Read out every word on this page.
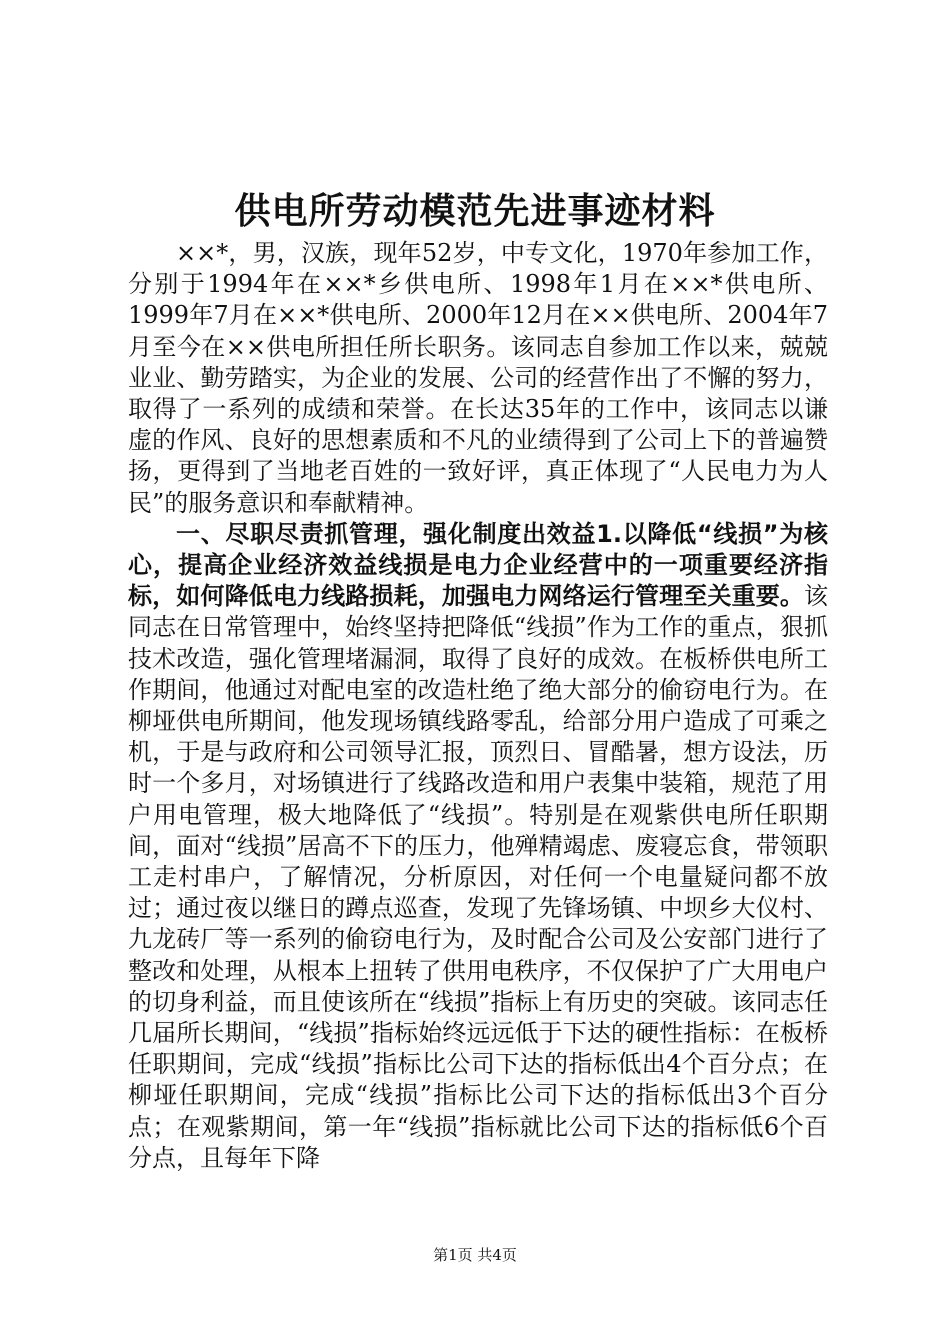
供电所劳动模范先进事迹材料

××*，男，汉族，现年52岁，中专文化，1970年参加工作，分别于1994年在××*乡供电所、1998年1月在××*供电所、1999年7月在××*供电所、2000年12月在××供电所、2004年7月至今在××供电所担任所长职务。该同志自参加工作以来，兢兢业业、勤劳踏实，为企业的发展、公司的经营作出了不懈的努力，取得了一系列的成绩和荣誉。在长达35年的工作中，该同志以谦虚的作风、良好的思想素质和不凡的业绩得到了公司上下的普遍赞扬，更得到了当地老百姓的一致好评，真正体现了“人民电力为人民”的服务意识和奉献精神。

一、尽职尽责抓管理，强化制度出效益1.以降低“线损”为核心，提高企业经济效益线损是电力企业经营中的一项重要经济指标，如何降低电力线路损耗，加强电力网络运行管理至关重要。该同志在日常管理中，始终坚持把降低“线损”作为工作的重点，狠抓技术改造，强化管理堵漏洞，取得了良好的成效。在板桥供电所工作期间，他通过对配电室的改造杜绝了绝大部分的偷窃电行为。在柳垭供电所期间，他发现场镇线路零乱，给部分用户造成了可乘之机，于是与政府和公司领导汇报，顶烈日、冒酷暑，想方设法，历时一个多月，对场镇进行了线路改造和用户表集中装箱，规范了用户用电管理，极大地降低了“线损”。特别是在观紫供电所任职期间，面对“线损”居高不下的压力，他殚精竭虑、废寝忘食，带领职工走村串户，了解情况，分析原因，对任何一个电量疑问都不放过；通过夜以继日的蹲点巡查，发现了先锋场镇、中坝乡大仪村、九龙砖厂等一系列的偷窃电行为，及时配合公司及公安部门进行了整改和处理，从根本上扭转了供用电秩序，不仅保护了广大用电户的切身利益，而且使该所在“线损”指标上有历史的突破。该同志任几届所长期间，“线损”指标始终远远低于下达的硬性指标：在板桥任职期间，完成“线损”指标比公司下达的指标低出4个百分点；在柳垭任职期间，完成“线损”指标比公司下达的指标低出3个百分点；在观紫期间，第一年“线损”指标就比公司下达的指标低6个百分点，且每年下降

第1页 共4页
